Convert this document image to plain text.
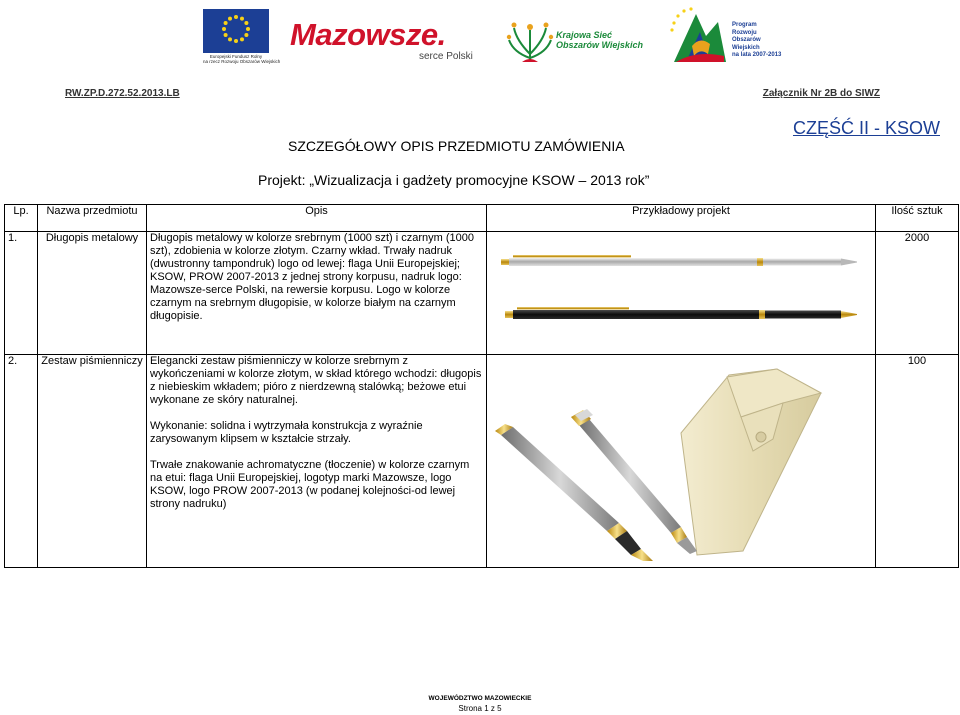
Europejski Fundusz Rolny
na rzecz Rozwoju Obszarów Wiejskich
Mazowsze.
serce Polski
Krajowa Sieć
Obszarów Wiejskich
Program
Rozwoju
Obszarów
Wiejskich
na lata 2007-2013
RW.ZP.D.272.52.2013.LB	Załącznik Nr 2B do SIWZ
CZĘŚĆ II - KSOW
SZCZEGÓŁOWY OPIS PRZEDMIOTU ZAMÓWIENIA
Projekt: „Wizualizacja i gadżety promocyjne KSOW – 2013 rok”
Lp.	Nazwa przedmiotu	Opis	Przykładowy projekt	Ilość sztuk
1.	Długopis metalowy	Długopis metalowy w kolorze srebrnym (1000 szt) i czarnym (1000 szt), zdobienia w kolorze złotym. Czarny wkład. Trwały nadruk (dwustronny tampondruk) logo od lewej: flaga Unii Europejskiej; KSOW, PROW 2007-2013 z jednej strony korpusu, nadruk logo: Mazowsze-serce Polski, na rewersie korpusu. Logo w kolorze czarnym na srebrnym długopisie, w kolorze białym na czarnym długopisie.		2000
2.	Zestaw piśmienniczy	Elegancki zestaw piśmienniczy w kolorze srebrnym z wykończeniami w kolorze złotym, w skład którego wchodzi: długopis z niebieskim wkładem; pióro z nierdzewną stalówką; beżowe etui wykonane ze skóry naturalnej.

Wykonanie: solidna i wytrzymała konstrukcja z wyraźnie zarysowanym klipsem w kształcie strzały.

Trwałe znakowanie achromatyczne (tłoczenie) w kolorze czarnym na etui: flaga Unii Europejskiej, logotyp marki Mazowsze, logo KSOW, logo PROW 2007-2013 (w podanej kolejności-od lewej strony nadruku)		100
WOJEWÓDZTWO MAZOWIECKIE
Strona 1 z 5
